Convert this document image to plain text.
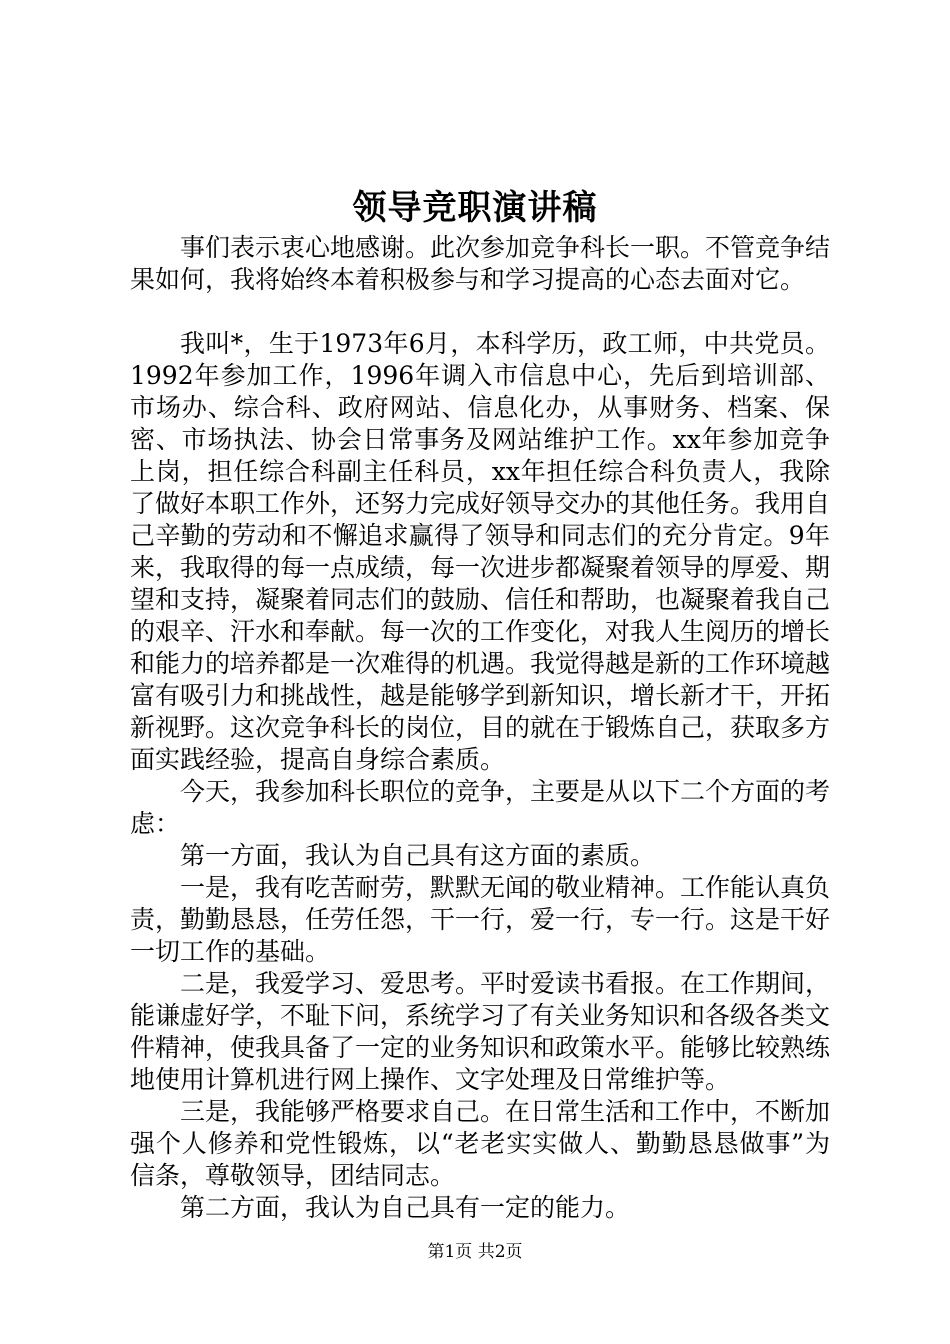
领导竞职演讲稿

事们表示衷心地感谢。此次参加竞争科长一职。不管竞争结果如何，我将始终本着积极参与和学习提高的心态去面对它。

我叫*，生于1973年6月，本科学历，政工师，中共党员。1992年参加工作，1996年调入市信息中心，先后到培训部、市场办、综合科、政府网站、信息化办，从事财务、档案、保密、市场执法、协会日常事务及网站维护工作。xx年参加竞争上岗，担任综合科副主任科员，xx年担任综合科负责人，我除了做好本职工作外，还努力完成好领导交办的其他任务。我用自己辛勤的劳动和不懈追求赢得了领导和同志们的充分肯定。9年来，我取得的每一点成绩，每一次进步都凝聚着领导的厚爱、期望和支持，凝聚着同志们的鼓励、信任和帮助，也凝聚着我自己的艰辛、汗水和奉献。每一次的工作变化，对我人生阅历的增长和能力的培养都是一次难得的机遇。我觉得越是新的工作环境越富有吸引力和挑战性，越是能够学到新知识，增长新才干，开拓新视野。这次竞争科长的岗位，目的就在于锻炼自己，获取多方面实践经验，提高自身综合素质。

今天，我参加科长职位的竞争，主要是从以下二个方面的考虑：

第一方面，我认为自己具有这方面的素质。

一是，我有吃苦耐劳，默默无闻的敬业精神。工作能认真负责，勤勤恳恳，任劳任怨，干一行，爱一行，专一行。这是干好一切工作的基础。

二是，我爱学习、爱思考。平时爱读书看报。在工作期间，能谦虚好学，不耻下问，系统学习了有关业务知识和各级各类文件精神，使我具备了一定的业务知识和政策水平。能够比较熟练地使用计算机进行网上操作、文字处理及日常维护等。

三是，我能够严格要求自己。在日常生活和工作中，不断加强个人修养和党性锻炼，以“老老实实做人、勤勤恳恳做事”为信条，尊敬领导，团结同志。

第二方面，我认为自己具有一定的能力。

第1页 共2页
